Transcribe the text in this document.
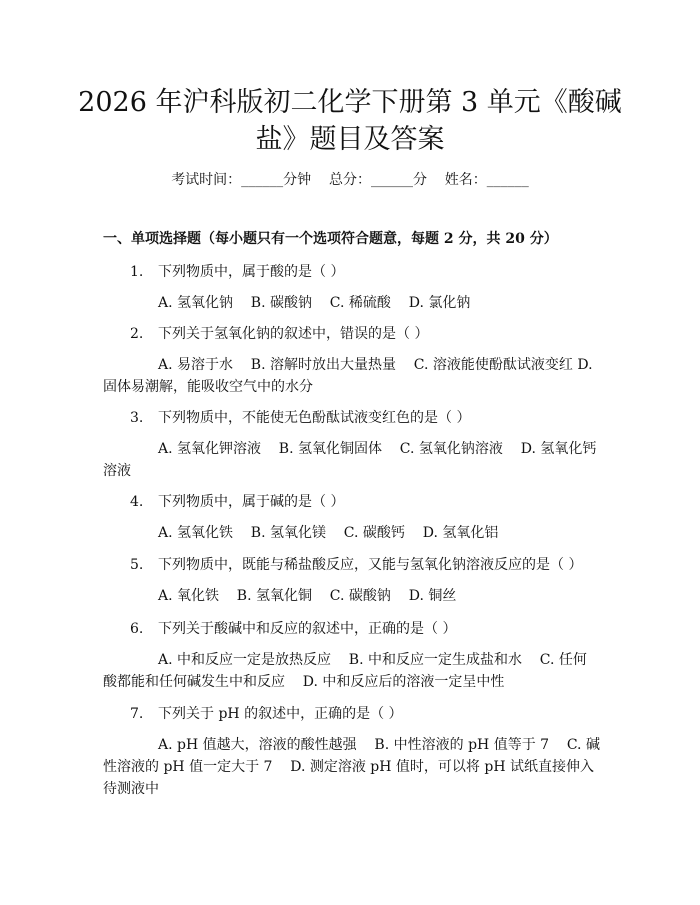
2026 年沪科版初二化学下册第 3 单元《酸碱
盐》题目及答案
考试时间：______分钟    总分：______分    姓名：______
一、单项选择题（每小题只有一个选项符合题意，每题 2 分，共 20 分）
1. 下列物质中，属于酸的是（ ）
A. 氢氧化钠    B. 碳酸钠    C. 稀硫酸    D. 氯化钠
2. 下列关于氢氧化钠的叙述中，错误的是（ ）
A. 易溶于水    B. 溶解时放出大量热量    C. 溶液能使酚酞试液变红 D. 固体易潮解，能吸收空气中的水分
3. 下列物质中，不能使无色酚酞试液变红色的是（ ）
A. 氢氧化钾溶液    B. 氢氧化铜固体    C. 氢氧化钠溶液    D. 氢氧化钙溶液
4. 下列物质中，属于碱的是（ ）
A. 氢氧化铁    B. 氢氧化镁    C. 碳酸钙    D. 氢氧化铝
5. 下列物质中，既能与稀盐酸反应，又能与氢氧化钠溶液反应的是（ ）
A. 氧化铁    B. 氢氧化铜    C. 碳酸钠    D. 铜丝
6. 下列关于酸碱中和反应的叙述中，正确的是（ ）
A. 中和反应一定是放热反应    B. 中和反应一定生成盐和水    C. 任何酸都能和任何碱发生中和反应    D. 中和反应后的溶液一定呈中性
7. 下列关于 pH 的叙述中，正确的是（ ）
A. pH 值越大，溶液的酸性越强    B. 中性溶液的 pH 值等于 7    C. 碱性溶液的 pH 值一定大于 7    D. 测定溶液 pH 值时，可以将 pH 试纸直接伸入待测液中
